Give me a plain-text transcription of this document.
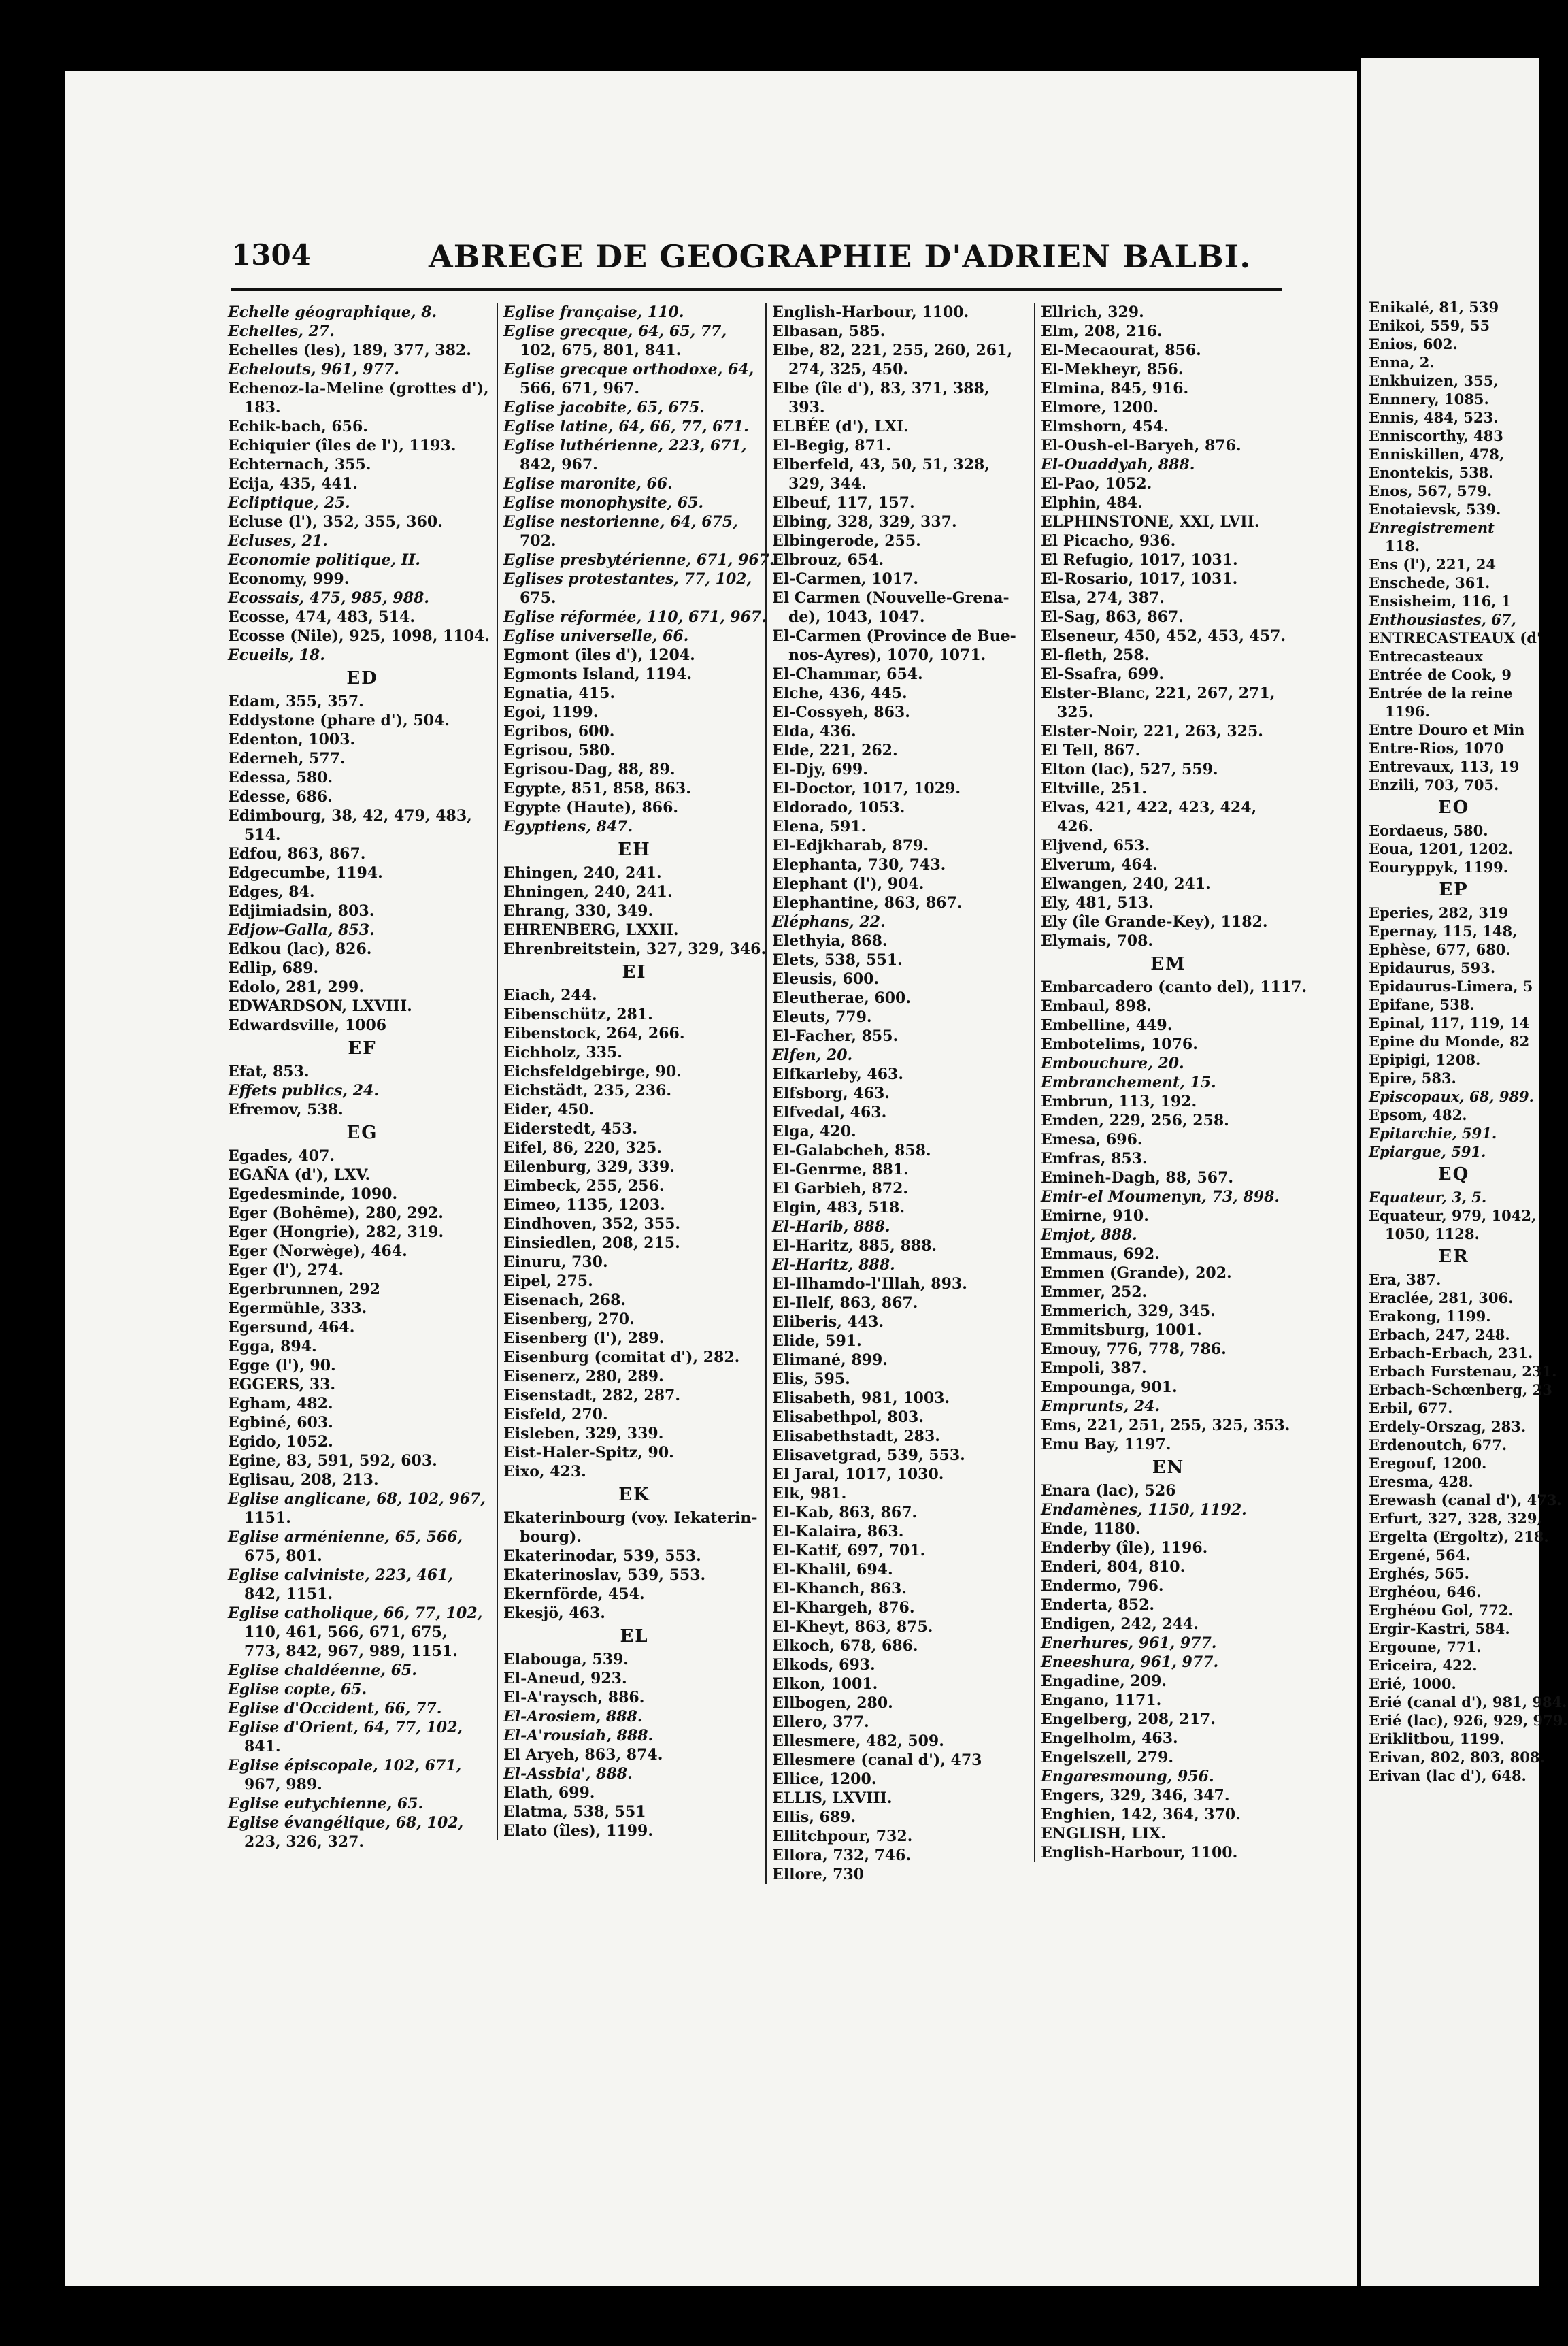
1304	ABREGE DE GEOGRAPHIE D'ADRIEN BALBI.
Echelle géographique, 8.
Echelles, 27.
Echelles (les), 189, 377, 382.
Echelouts, 961, 977.
Echenoz-la-Meline (grottes d'),
183.
Echik-bach, 656.
Echiquier (îles de l'), 1193.
Echternach, 355.
Ecija, 435, 441.
Ecliptique, 25.
Ecluse (l'), 352, 355, 360.
Ecluses, 21.
Economie politique, II.
Economy, 999.
Ecossais, 475, 985, 988.
Ecosse, 474, 483, 514.
Ecosse (Nile), 925, 1098, 1104.
Ecueils, 18.
ED
Edam, 355, 357.
Eddystone (phare d'), 504.
Edenton, 1003.
Ederneh, 577.
Edessa, 580.
Edesse, 686.
Edimbourg, 38, 42, 479, 483,
514.
Edfou, 863, 867.
Edgecumbe, 1194.
Edges, 84.
Edjimiadsin, 803.
Edjow-Galla, 853.
Edkou (lac), 826.
Edlip, 689.
Edolo, 281, 299.
EDWARDSON, LXVIII.
Edwardsville, 1006
EF
Efat, 853.
Effets publics, 24.
Efremov, 538.
EG
Egades, 407.
EGAÑA (d'), LXV.
Egedesminde, 1090.
Eger (Bohême), 280, 292.
Eger (Hongrie), 282, 319.
Eger (Norwège), 464.
Eger (l'), 274.
Egerbrunnen, 292
Egermühle, 333.
Egersund, 464.
Egga, 894.
Egge (l'), 90.
EGGERS, 33.
Egham, 482.
Egbiné, 603.
Egido, 1052.
Egine, 83, 591, 592, 603.
Eglisau, 208, 213.
Eglise anglicane, 68, 102, 967,
1151.
Eglise arménienne, 65, 566,
675, 801.
Eglise calviniste, 223, 461,
842, 1151.
Eglise catholique, 66, 77, 102,
110, 461, 566, 671, 675,
773, 842, 967, 989, 1151.
Eglise chaldéenne, 65.
Eglise copte, 65.
Eglise d'Occident, 66, 77.
Eglise d'Orient, 64, 77, 102,
841.
Eglise épiscopale, 102, 671,
967, 989.
Eglise eutychienne, 65.
Eglise évangélique, 68, 102,
223, 326, 327.
Eglise française, 110.
Eglise grecque, 64, 65, 77,
102, 675, 801, 841.
Eglise grecque orthodoxe, 64,
566, 671, 967.
Eglise jacobite, 65, 675.
Eglise latine, 64, 66, 77, 671.
Eglise luthérienne, 223, 671,
842, 967.
Eglise maronite, 66.
Eglise monophysite, 65.
Eglise nestorienne, 64, 675,
702.
Eglise presbytérienne, 671, 967.
Eglises protestantes, 77, 102,
675.
Eglise réformée, 110, 671, 967.
Eglise universelle, 66.
Egmont (îles d'), 1204.
Egmonts Island, 1194.
Egnatia, 415.
Egoi, 1199.
Egribos, 600.
Egrisou, 580.
Egrisou-Dag, 88, 89.
Egypte, 851, 858, 863.
Egypte (Haute), 866.
Egyptiens, 847.
EH
Ehingen, 240, 241.
Ehningen, 240, 241.
Ehrang, 330, 349.
EHRENBERG, LXXII.
Ehrenbreitstein, 327, 329, 346.
EI
Eiach, 244.
Eibenschütz, 281.
Eibenstock, 264, 266.
Eichholz, 335.
Eichsfeldgebirge, 90.
Eichstädt, 235, 236.
Eider, 450.
Eiderstedt, 453.
Eifel, 86, 220, 325.
Eilenburg, 329, 339.
Eimbeck, 255, 256.
Eimeo, 1135, 1203.
Eindhoven, 352, 355.
Einsiedlen, 208, 215.
Einuru, 730.
Eipel, 275.
Eisenach, 268.
Eisenberg, 270.
Eisenberg (l'), 289.
Eisenburg (comitat d'), 282.
Eisenerz, 280, 289.
Eisenstadt, 282, 287.
Eisfeld, 270.
Eisleben, 329, 339.
Eist-Haler-Spitz, 90.
Eixo, 423.
EK
Ekaterinbourg (voy. Iekaterin-
bourg).
Ekaterinodar, 539, 553.
Ekaterinoslav, 539, 553.
Ekernförde, 454.
Ekesjö, 463.
EL
Elabouga, 539.
El-Aneud, 923.
El-A'raysch, 886.
El-Arosiem, 888.
El-A'rousiah, 888.
El Aryeh, 863, 874.
El-Assbia', 888.
Elath, 699.
Elatma, 538, 551
Elato (îles), 1199.
English-Harbour, 1100.
Elbasan, 585.
Elbe, 82, 221, 255, 260, 261,
274, 325, 450.
Elbe (île d'), 83, 371, 388,
393.
ELBÉE (d'), LXI.
El-Begig, 871.
Elberfeld, 43, 50, 51, 328,
329, 344.
Elbeuf, 117, 157.
Elbing, 328, 329, 337.
Elbingerode, 255.
Elbrouz, 654.
El-Carmen, 1017.
El Carmen (Nouvelle-Grena-
de), 1043, 1047.
El-Carmen (Province de Bue-
nos-Ayres), 1070, 1071.
El-Chammar, 654.
Elche, 436, 445.
El-Cossyeh, 863.
Elda, 436.
Elde, 221, 262.
El-Djy, 699.
El-Doctor, 1017, 1029.
Eldorado, 1053.
Elena, 591.
El-Edjkharab, 879.
Elephanta, 730, 743.
Elephant (l'), 904.
Elephantine, 863, 867.
Eléphans, 22.
Elethyia, 868.
Elets, 538, 551.
Eleusis, 600.
Eleutherae, 600.
Eleuts, 779.
El-Facher, 855.
Elfen, 20.
Elfkarleby, 463.
Elfsborg, 463.
Elfvedal, 463.
Elga, 420.
El-Galabcheh, 858.
El-Genrme, 881.
El Garbieh, 872.
Elgin, 483, 518.
El-Harib, 888.
El-Haritz, 885, 888.
El-Haritz, 888.
El-Ilhamdo-l'Illah, 893.
El-Ilelf, 863, 867.
Eliberis, 443.
Elide, 591.
Elimané, 899.
Elis, 595.
Elisabeth, 981, 1003.
Elisabethpol, 803.
Elisabethstadt, 283.
Elisavetgrad, 539, 553.
El Jaral, 1017, 1030.
Elk, 981.
El-Kab, 863, 867.
El-Kalaira, 863.
El-Katif, 697, 701.
El-Khalil, 694.
El-Khanch, 863.
El-Khargeh, 876.
El-Kheyt, 863, 875.
Elkoch, 678, 686.
Elkods, 693.
Elkon, 1001.
Ellbogen, 280.
Ellero, 377.
Ellesmere, 482, 509.
Ellesmere (canal d'), 473
Ellice, 1200.
ELLIS, LXVIII.
Ellis, 689.
Ellitchpour, 732.
Ellora, 732, 746.
Ellore, 730
Ellrich, 329.
Elm, 208, 216.
El-Mecaourat, 856.
El-Mekheyr, 856.
Elmina, 845, 916.
Elmore, 1200.
Elmshorn, 454.
El-Oush-el-Baryeh, 876.
El-Ouaddyah, 888.
El-Pao, 1052.
Elphin, 484.
ELPHINSTONE, XXI, LVII.
El Picacho, 936.
El Refugio, 1017, 1031.
El-Rosario, 1017, 1031.
Elsa, 274, 387.
El-Sag, 863, 867.
Elseneur, 450, 452, 453, 457.
El-fleth, 258.
El-Ssafra, 699.
Elster-Blanc, 221, 267, 271,
325.
Elster-Noir, 221, 263, 325.
El Tell, 867.
Elton (lac), 527, 559.
Eltville, 251.
Elvas, 421, 422, 423, 424,
426.
Eljvend, 653.
Elverum, 464.
Elwangen, 240, 241.
Ely, 481, 513.
Ely (île Grande-Key), 1182.
Elymais, 708.
EM
Embarcadero (canto del), 1117.
Embaul, 898.
Embelline, 449.
Embotelims, 1076.
Embouchure, 20.
Embranchement, 15.
Embrun, 113, 192.
Emden, 229, 256, 258.
Emesa, 696.
Emfras, 853.
Emineh-Dagh, 88, 567.
Emir-el Moumenyn, 73, 898.
Emirne, 910.
Emjot, 888.
Emmaus, 692.
Emmen (Grande), 202.
Emmer, 252.
Emmerich, 329, 345.
Emmitsburg, 1001.
Emouy, 776, 778, 786.
Empoli, 387.
Empounga, 901.
Emprunts, 24.
Ems, 221, 251, 255, 325, 353.
Emu Bay, 1197.
EN
Enara (lac), 526
Endamènes, 1150, 1192.
Ende, 1180.
Enderby (île), 1196.
Enderi, 804, 810.
Endermo, 796.
Enderta, 852.
Endigen, 242, 244.
Enerhures, 961, 977.
Eneeshura, 961, 977.
Engadine, 209.
Engano, 1171.
Engelberg, 208, 217.
Engelholm, 463.
Engelszell, 279.
Engaresmoung, 956.
Engers, 329, 346, 347.
Enghien, 142, 364, 370.
ENGLISH, LIX.
English-Harbour, 1100.
Enikalé, 81, 539
Enikoi, 559, 55
Enios, 602.
Enna, 2.
Enkhuizen, 355,
Ennnery, 1085.
Ennis, 484, 523.
Enniscorthy, 483
Enniskillen, 478,
Enontekis, 538.
Enos, 567, 579.
Enotaievsk, 539.
Enregistrement
118.
Ens (l'), 221, 24
Enschede, 361.
Ensisheim, 116, 1
Enthousiastes, 67,
ENTRECASTEAUX (d'
Entrecasteaux
Entrée de Cook, 9
Entrée de la reine
1196.
Entre Douro et Min
Entre-Rios, 1070
Entrevaux, 113, 19
Enzili, 703, 705.
EO
Eordaeus, 580.
Eoua, 1201, 1202.
Eouryppyk, 1199.
EP
Eperies, 282, 319
Epernay, 115, 148,
Ephèse, 677, 680.
Epidaurus, 593.
Epidaurus-Limera, 5
Epifane, 538.
Epinal, 117, 119, 14
Epine du Monde, 82
Epipigi, 1208.
Epire, 583.
Episcopaux, 68, 989.
Epsom, 482.
Epitarchie, 591.
Epiargue, 591.
EQ
Equateur, 3, 5.
Equateur, 979, 1042,
1050, 1128.
ER
Era, 387.
Eraclée, 281, 306.
Erakong, 1199.
Erbach, 247, 248.
Erbach-Erbach, 231.
Erbach Furstenau, 231.
Erbach-Schœnberg, 23
Erbil, 677.
Erdely-Orszag, 283.
Erdenoutch, 677.
Eregouf, 1200.
Eresma, 428.
Erewash (canal d'), 473.
Erfurt, 327, 328, 329,
Ergelta (Ergoltz), 218.
Ergené, 564.
Erghés, 565.
Erghéou, 646.
Erghéou Gol, 772.
Ergir-Kastri, 584.
Ergoune, 771.
Ericeira, 422.
Erié, 1000.
Erié (canal d'), 981, 984.
Erié (lac), 926, 929, 979.
Eriklitbou, 1199.
Erivan, 802, 803, 808.
Erivan (lac d'), 648.
